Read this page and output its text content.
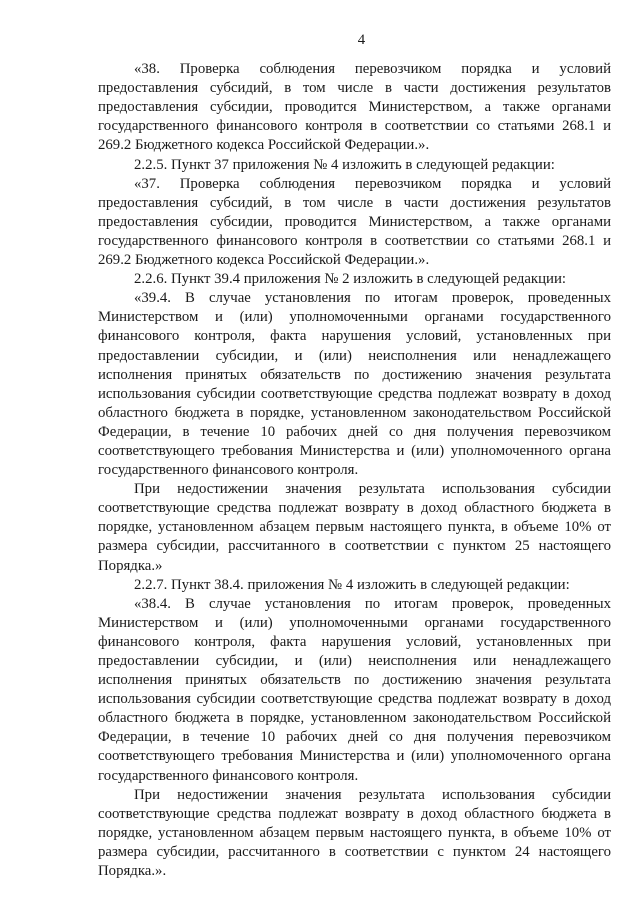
4

«38. Проверка соблюдения перевозчиком порядка и условий предоставления субсидий, в том числе в части достижения результатов предоставления субсидии, проводится Министерством, а также органами государственного финансового контроля в соответствии со статьями 268.1 и 269.2 Бюджетного кодекса Российской Федерации.».

2.2.5. Пункт 37 приложения № 4 изложить в следующей редакции:

«37. Проверка соблюдения перевозчиком порядка и условий предоставления субсидий, в том числе в части достижения результатов предоставления субсидии, проводится Министерством, а также органами государственного финансового контроля в соответствии со статьями 268.1 и 269.2 Бюджетного кодекса Российской Федерации.».

2.2.6. Пункт 39.4 приложения № 2 изложить в следующей редакции:

«39.4. В случае установления по итогам проверок, проведенных Министерством и (или) уполномоченными органами государственного финансового контроля, факта нарушения условий, установленных при предоставлении субсидии, и (или) неисполнения или ненадлежащего исполнения принятых обязательств по достижению значения результата использования субсидии соответствующие средства подлежат возврату в доход областного бюджета в порядке, установленном законодательством Российской Федерации, в течение 10 рабочих дней со дня получения перевозчиком соответствующего требования Министерства и (или) уполномоченного органа государственного финансового контроля.

При недостижении значения результата использования субсидии соответствующие средства подлежат возврату в доход областного бюджета в порядке, установленном абзацем первым настоящего пункта, в объеме 10% от размера субсидии, рассчитанного в соответствии с пунктом 25 настоящего Порядка.»

2.2.7. Пункт 38.4. приложения № 4 изложить в следующей редакции:

«38.4. В случае установления по итогам проверок, проведенных Министерством и (или) уполномоченными органами государственного финансового контроля, факта нарушения условий, установленных при предоставлении субсидии, и (или) неисполнения или ненадлежащего исполнения принятых обязательств по достижению значения результата использования субсидии соответствующие средства подлежат возврату в доход областного бюджета в порядке, установленном законодательством Российской Федерации, в течение 10 рабочих дней со дня получения перевозчиком соответствующего требования Министерства и (или) уполномоченного органа государственного финансового контроля.

При недостижении значения результата использования субсидии соответствующие средства подлежат возврату в доход областного бюджета в порядке, установленном абзацем первым настоящего пункта, в объеме 10% от размера субсидии, рассчитанного в соответствии с пунктом 24 настоящего Порядка.».
